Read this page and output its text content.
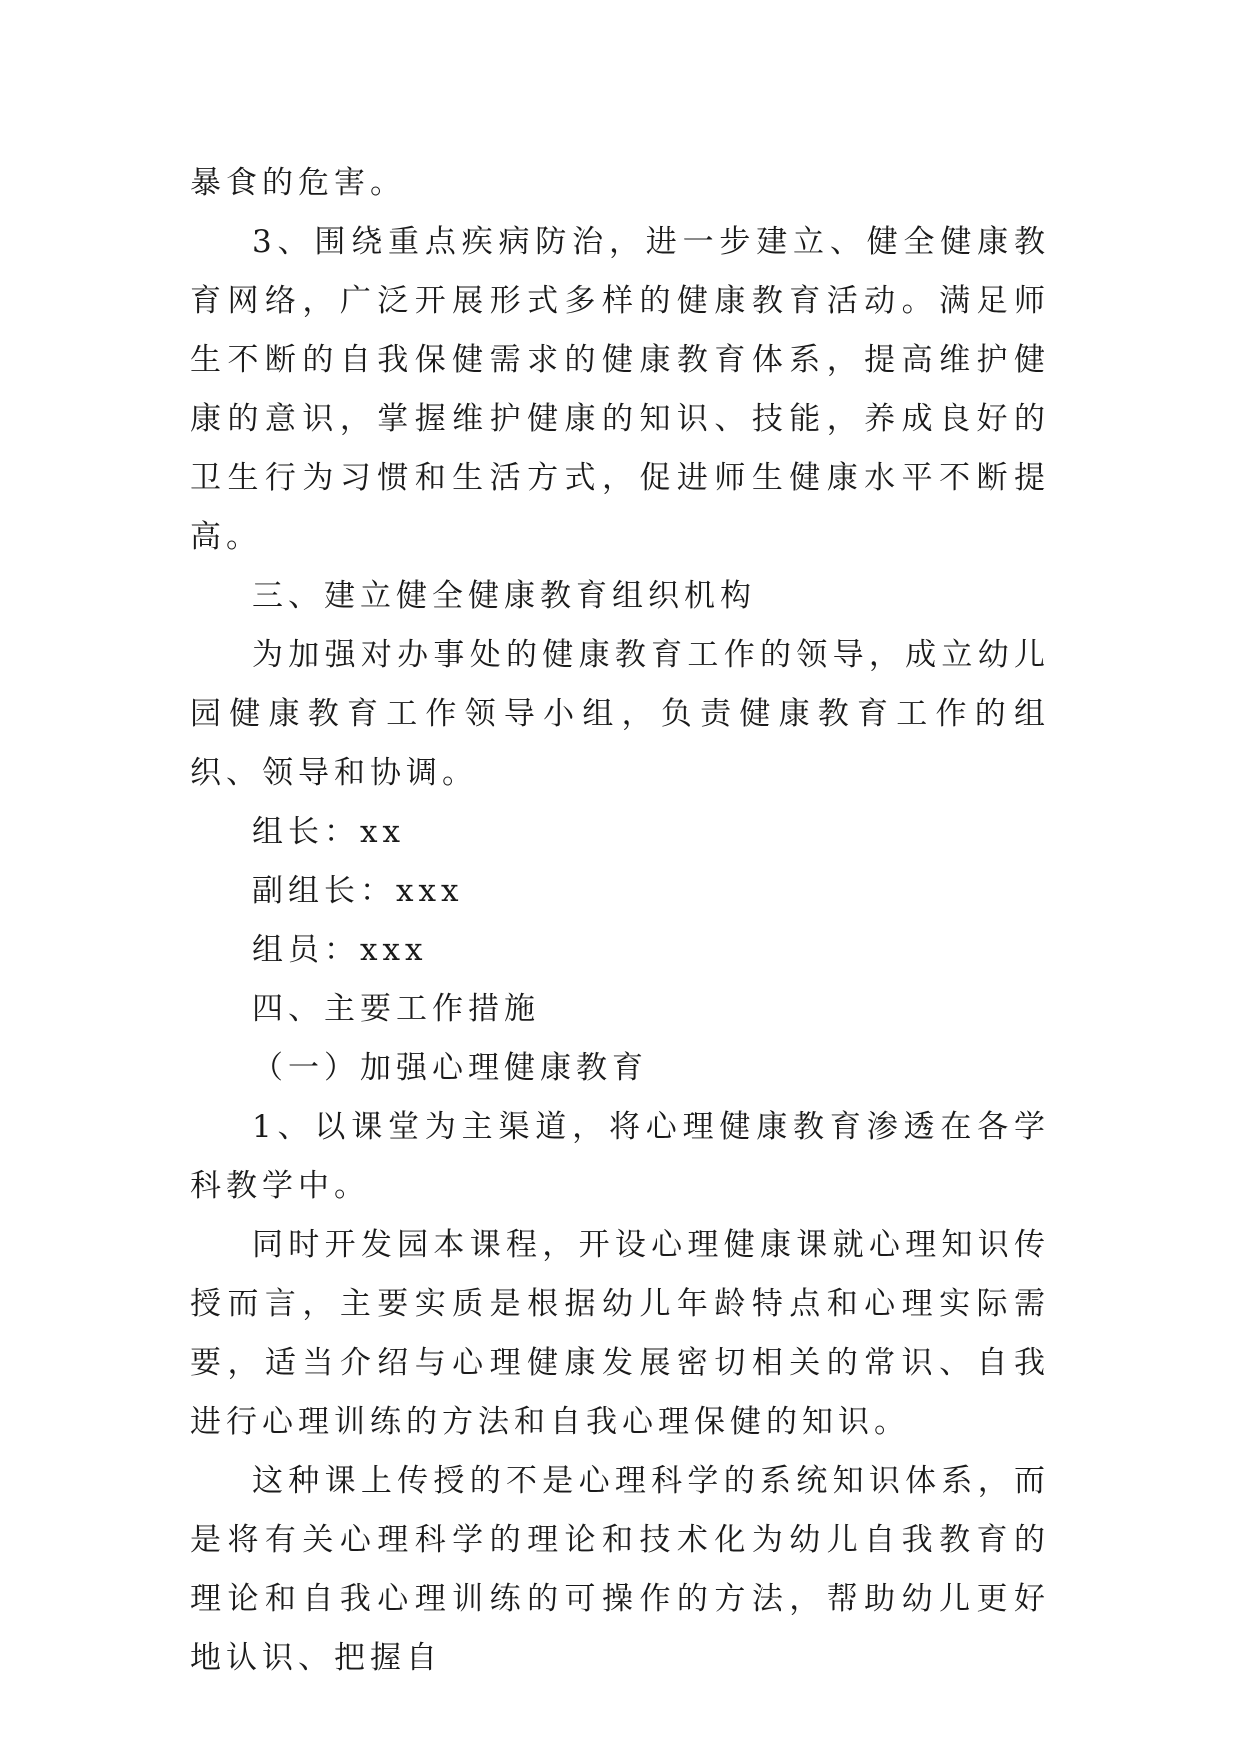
暴食的危害。

3、围绕重点疾病防治，进一步建立、健全健康教育网络，广泛开展形式多样的健康教育活动。满足师生不断的自我保健需求的健康教育体系，提高维护健康的意识，掌握维护健康的知识、技能，养成良好的卫生行为习惯和生活方式，促进师生健康水平不断提高。

三、建立健全健康教育组织机构

为加强对办事处的健康教育工作的领导，成立幼儿园健康教育工作领导小组，负责健康教育工作的组织、领导和协调。

组长：xx

副组长：xxx

组员：xxx

四、主要工作措施

（一）加强心理健康教育

1、以课堂为主渠道，将心理健康教育渗透在各学科教学中。

同时开发园本课程，开设心理健康课就心理知识传授而言，主要实质是根据幼儿年龄特点和心理实际需要，适当介绍与心理健康发展密切相关的常识、自我进行心理训练的方法和自我心理保健的知识。

这种课上传授的不是心理科学的系统知识体系，而是将有关心理科学的理论和技术化为幼儿自我教育的理论和自我心理训练的可操作的方法，帮助幼儿更好地认识、把握自
